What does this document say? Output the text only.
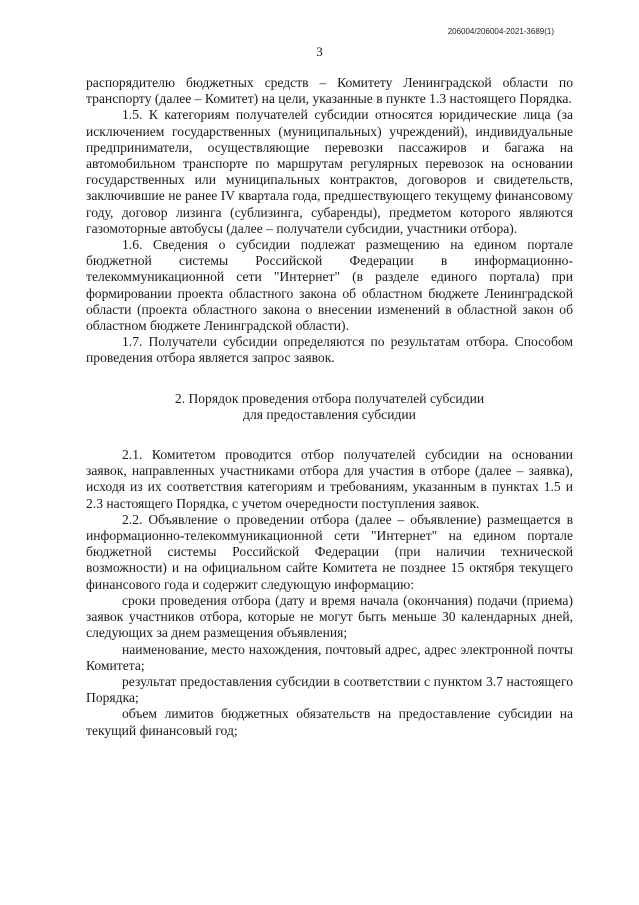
206004/206004-2021-3689(1)
3

распорядителю бюджетных средств – Комитету Ленинградской области по транспорту (далее – Комитет) на цели, указанные в пункте 1.3 настоящего Порядка.

1.5. К категориям получателей субсидии относятся юридические лица (за исключением государственных (муниципальных) учреждений), индивидуальные предприниматели, осуществляющие перевозки пассажиров и багажа на автомобильном транспорте по маршрутам регулярных перевозок на основании государственных или муниципальных контрактов, договоров и свидетельств, заключившие не ранее IV квартала года, предшествующего текущему финансовому году, договор лизинга (сублизинга, субаренды), предметом которого являются газомоторные автобусы (далее – получатели субсидии, участники отбора).

1.6. Сведения о субсидии подлежат размещению на едином портале бюджетной системы Российской Федерации в информационно-телекоммуникационной сети "Интернет" (в разделе единого портала) при формировании проекта областного закона об областном бюджете Ленинградской области (проекта областного закона о внесении изменений в областной закон об областном бюджете Ленинградской области).

1.7. Получатели субсидии определяются по результатам отбора. Способом проведения отбора является запрос заявок.

2. Порядок проведения отбора получателей субсидии
для предоставления субсидии

2.1. Комитетом проводится отбор получателей субсидии на основании заявок, направленных участниками отбора для участия в отборе (далее – заявка), исходя из их соответствия категориям и требованиям, указанным в пунктах 1.5 и 2.3 настоящего Порядка, с учетом очередности поступления заявок.

2.2. Объявление о проведении отбора (далее – объявление) размещается в информационно-телекоммуникационной сети "Интернет" на едином портале бюджетной системы Российской Федерации (при наличии технической возможности) и на официальном сайте Комитета не позднее 15 октября текущего финансового года и содержит следующую информацию:

сроки проведения отбора (дату и время начала (окончания) подачи (приема) заявок участников отбора, которые не могут быть меньше 30 календарных дней, следующих за днем размещения объявления;

наименование, место нахождения, почтовый адрес, адрес электронной почты Комитета;

результат предоставления субсидии в соответствии с пунктом 3.7 настоящего Порядка;

объем лимитов бюджетных обязательств на предоставление субсидии на текущий финансовый год;
